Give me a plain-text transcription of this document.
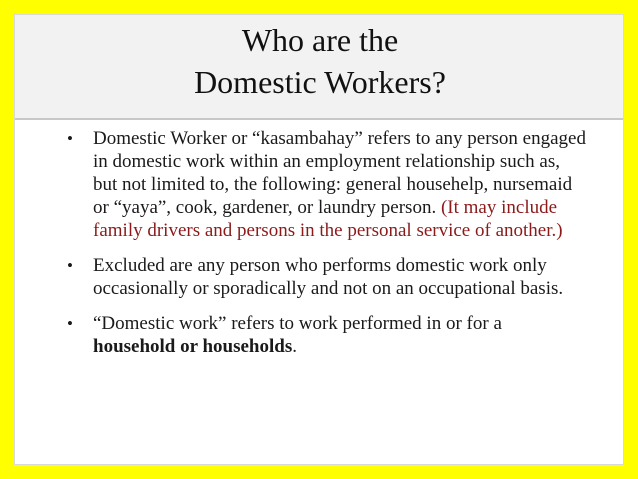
Who are the
Domestic Workers?
• Domestic Worker or “kasambahay” refers to any person engaged in domestic work within an employment relationship such as, but not limited to, the following: general househelp, nursemaid or “yaya”, cook, gardener, or laundry person. (It may include family drivers and persons in the personal service of another.)
• Excluded are any person who performs domestic work only occasionally or sporadically and not on an occupational basis.
• “Domestic work” refers to work performed in or for a household or households.
